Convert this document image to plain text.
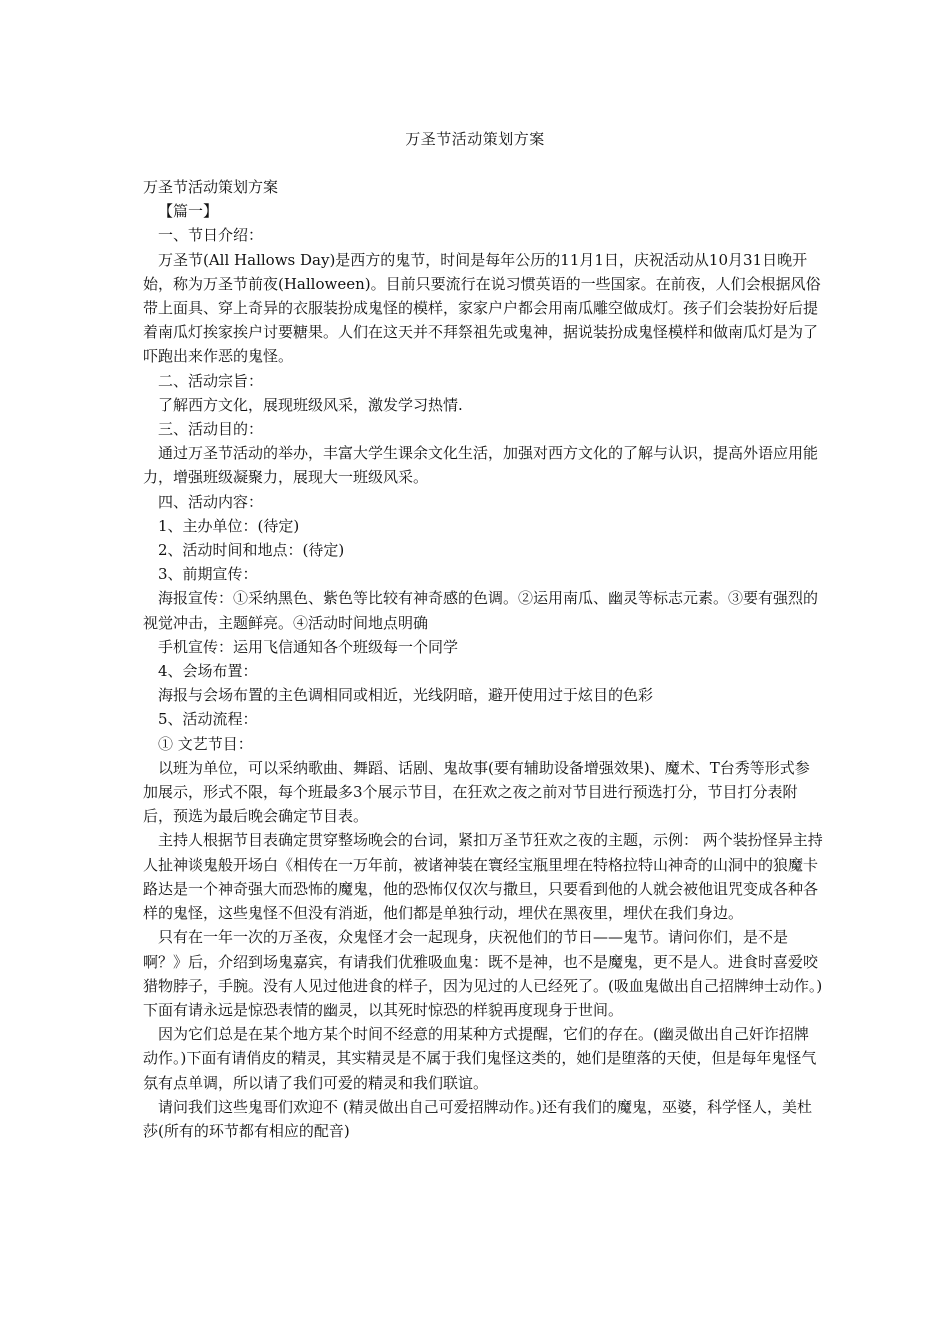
万圣节活动策划方案

万圣节活动策划方案

【篇一】

一、节日介绍：

万圣节(All Hallows Day)是西方的鬼节，时间是每年公历的11月1日，庆祝活动从10月31日晚开始，称为万圣节前夜(Halloween)。目前只要流行在说习惯英语的一些国家。在前夜，人们会根据风俗带上面具、穿上奇异的衣服装扮成鬼怪的模样，家家户户都会用南瓜雕空做成灯。孩子们会装扮好后提着南瓜灯挨家挨户讨要糖果。人们在这天并不拜祭祖先或鬼神，据说装扮成鬼怪模样和做南瓜灯是为了吓跑出来作恶的鬼怪。

二、活动宗旨：

了解西方文化，展现班级风采，激发学习热情.

三、活动目的：

通过万圣节活动的举办，丰富大学生课余文化生活，加强对西方文化的了解与认识，提高外语应用能力，增强班级凝聚力，展现大一班级风采。

四、活动内容：

1、主办单位：(待定)

2、活动时间和地点：(待定)

3、前期宣传：

海报宣传：①采纳黑色、紫色等比较有神奇感的色调。②运用南瓜、幽灵等标志元素。③要有强烈的视觉冲击，主题鲜亮。④活动时间地点明确

手机宣传：运用飞信通知各个班级每一个同学

4、会场布置：

海报与会场布置的主色调相同或相近，光线阴暗，避开使用过于炫目的色彩

5、活动流程：

① 文艺节目：

以班为单位，可以采纳歌曲、舞蹈、话剧、鬼故事(要有辅助设备增强效果)、魔术、T台秀等形式参加展示，形式不限，每个班最多3个展示节目，在狂欢之夜之前对节目进行预选打分，节目打分表附后，预选为最后晚会确定节目表。

主持人根据节目表确定贯穿整场晚会的台词，紧扣万圣节狂欢之夜的主题，示例： 两个装扮怪异主持人扯神谈鬼般开场白《相传在一万年前，被诸神装在寰经宝瓶里埋在特格拉特山神奇的山洞中的狼魔卡路达是一个神奇强大而恐怖的魔鬼，他的恐怖仅仅次与撒旦，只要看到他的人就会被他诅咒变成各种各样的鬼怪，这些鬼怪不但没有消逝，他们都是单独行动，埋伏在黑夜里，埋伏在我们身边。

只有在一年一次的万圣夜，众鬼怪才会一起现身，庆祝他们的节日——鬼节。请问你们，是不是啊？》后，介绍到场鬼嘉宾，有请我们优雅吸血鬼：既不是神，也不是魔鬼，更不是人。进食时喜爱咬猎物脖子，手腕。没有人见过他进食的样子，因为见过的人已经死了。(吸血鬼做出自己招牌绅士动作。)下面有请永远是惊恐表情的幽灵，以其死时惊恐的样貌再度现身于世间。

因为它们总是在某个地方某个时间不经意的用某种方式提醒，它们的存在。(幽灵做出自己奸诈招牌动作。)下面有请俏皮的精灵，其实精灵是不属于我们鬼怪这类的，她们是堕落的天使，但是每年鬼怪气氛有点单调，所以请了我们可爱的精灵和我们联谊。

请问我们这些鬼哥们欢迎不 (精灵做出自己可爱招牌动作。)还有我们的魔鬼，巫婆，科学怪人，美杜莎(所有的环节都有相应的配音)
